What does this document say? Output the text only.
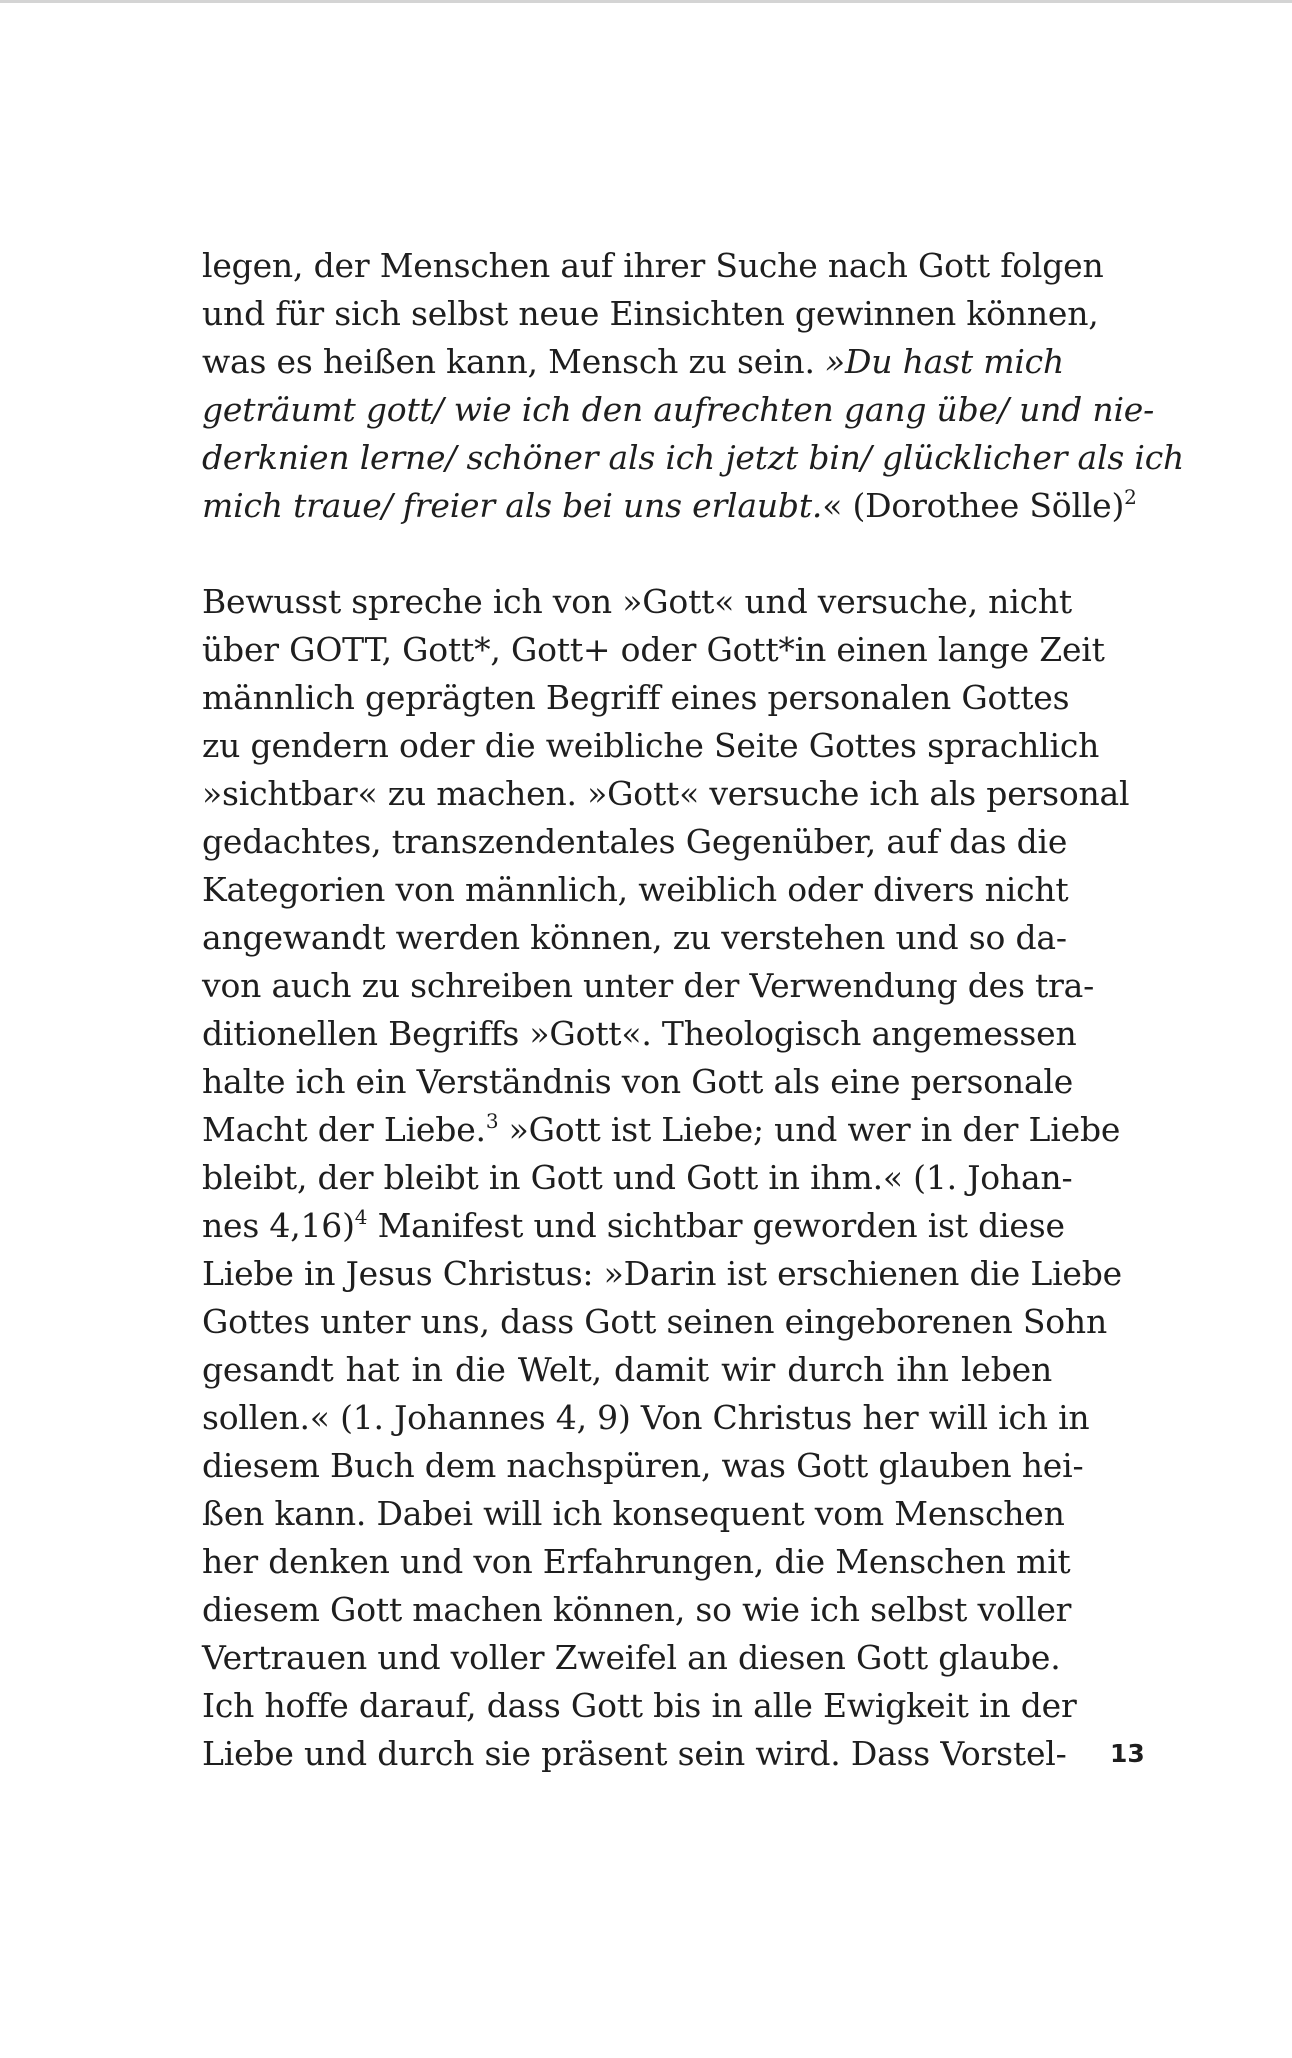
legen, der Menschen auf ihrer Suche nach Gott folgen
und für sich selbst neue Einsichten gewinnen können,
was es heißen kann, Mensch zu sein. »Du hast mich
geträumt gott/ wie ich den aufrechten gang übe/ und nie-
derknien lerne/ schöner als ich jetzt bin/ glücklicher als ich
mich traue/ freier als bei uns erlaubt.« (Dorothee Sölle)$^2$
Bewusst spreche ich von »Gott« und versuche, nicht
über GOTT, Gott*, Gott+ oder Gott*in einen lange Zeit
männlich geprägten Begriff eines personalen Gottes
zu gendern oder die weibliche Seite Gottes sprachlich
»sichtbar« zu machen. »Gott« versuche ich als personal
gedachtes, transzendentales Gegenüber, auf das die
Kategorien von männlich, weiblich oder divers nicht
angewandt werden können, zu verstehen und so da-
von auch zu schreiben unter der Verwendung des tra-
ditionellen Begriffs »Gott«. Theologisch angemessen
halte ich ein Verständnis von Gott als eine personale
Macht der Liebe.$^3$ »Gott ist Liebe; und wer in der Liebe
bleibt, der bleibt in Gott und Gott in ihm.« (1. Johan-
nes 4,16)$^4$ Manifest und sichtbar geworden ist diese
Liebe in Jesus Christus: »Darin ist erschienen die Liebe
Gottes unter uns, dass Gott seinen eingeborenen Sohn
gesandt hat in die Welt, damit wir durch ihn leben
sollen.« (1. Johannes 4, 9) Von Christus her will ich in
diesem Buch dem nachspüren, was Gott glauben hei-
ßen kann. Dabei will ich konsequent vom Menschen
her denken und von Erfahrungen, die Menschen mit
diesem Gott machen können, so wie ich selbst voller
Vertrauen und voller Zweifel an diesen Gott glaube.
Ich hoffe darauf, dass Gott bis in alle Ewigkeit in der
Liebe und durch sie präsent sein wird. Dass Vorstel- 13
